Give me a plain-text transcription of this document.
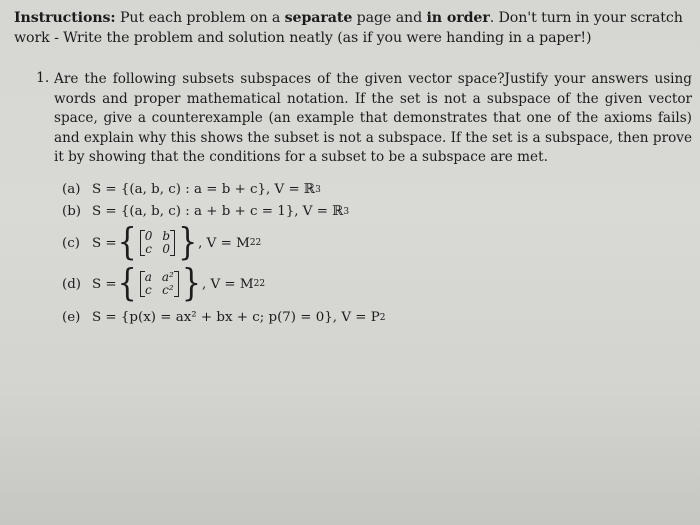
Instructions: Put each problem on a separate page and in order. Don't turn in your scratch work - Write the problem and solution neatly (as if you were handing in a paper!)
1. Are the following subsets subspaces of the given vector space?Justify your answers using words and proper mathematical notation. If the set is not a subspace of the given vector space, give a counterexample (an example that demonstrates that one of the axioms fails) and explain why this shows the subset is not a subspace. If the set is a subspace, then prove it by showing that the conditions for a subset to be a subspace are met.
(a) S = {(a, b, c) : a = b + c}, V = ℝ 3
(b) S = {(a, b, c) : a + b + c = 1}, V = ℝ 3
(c) S = { 0 b
c 0 } , V = M 22
(d) S = { a a²
c c² } , V = M 22
(e) S = {p(x) = ax² + bx + c; p(7) = 0}, V = P 2
